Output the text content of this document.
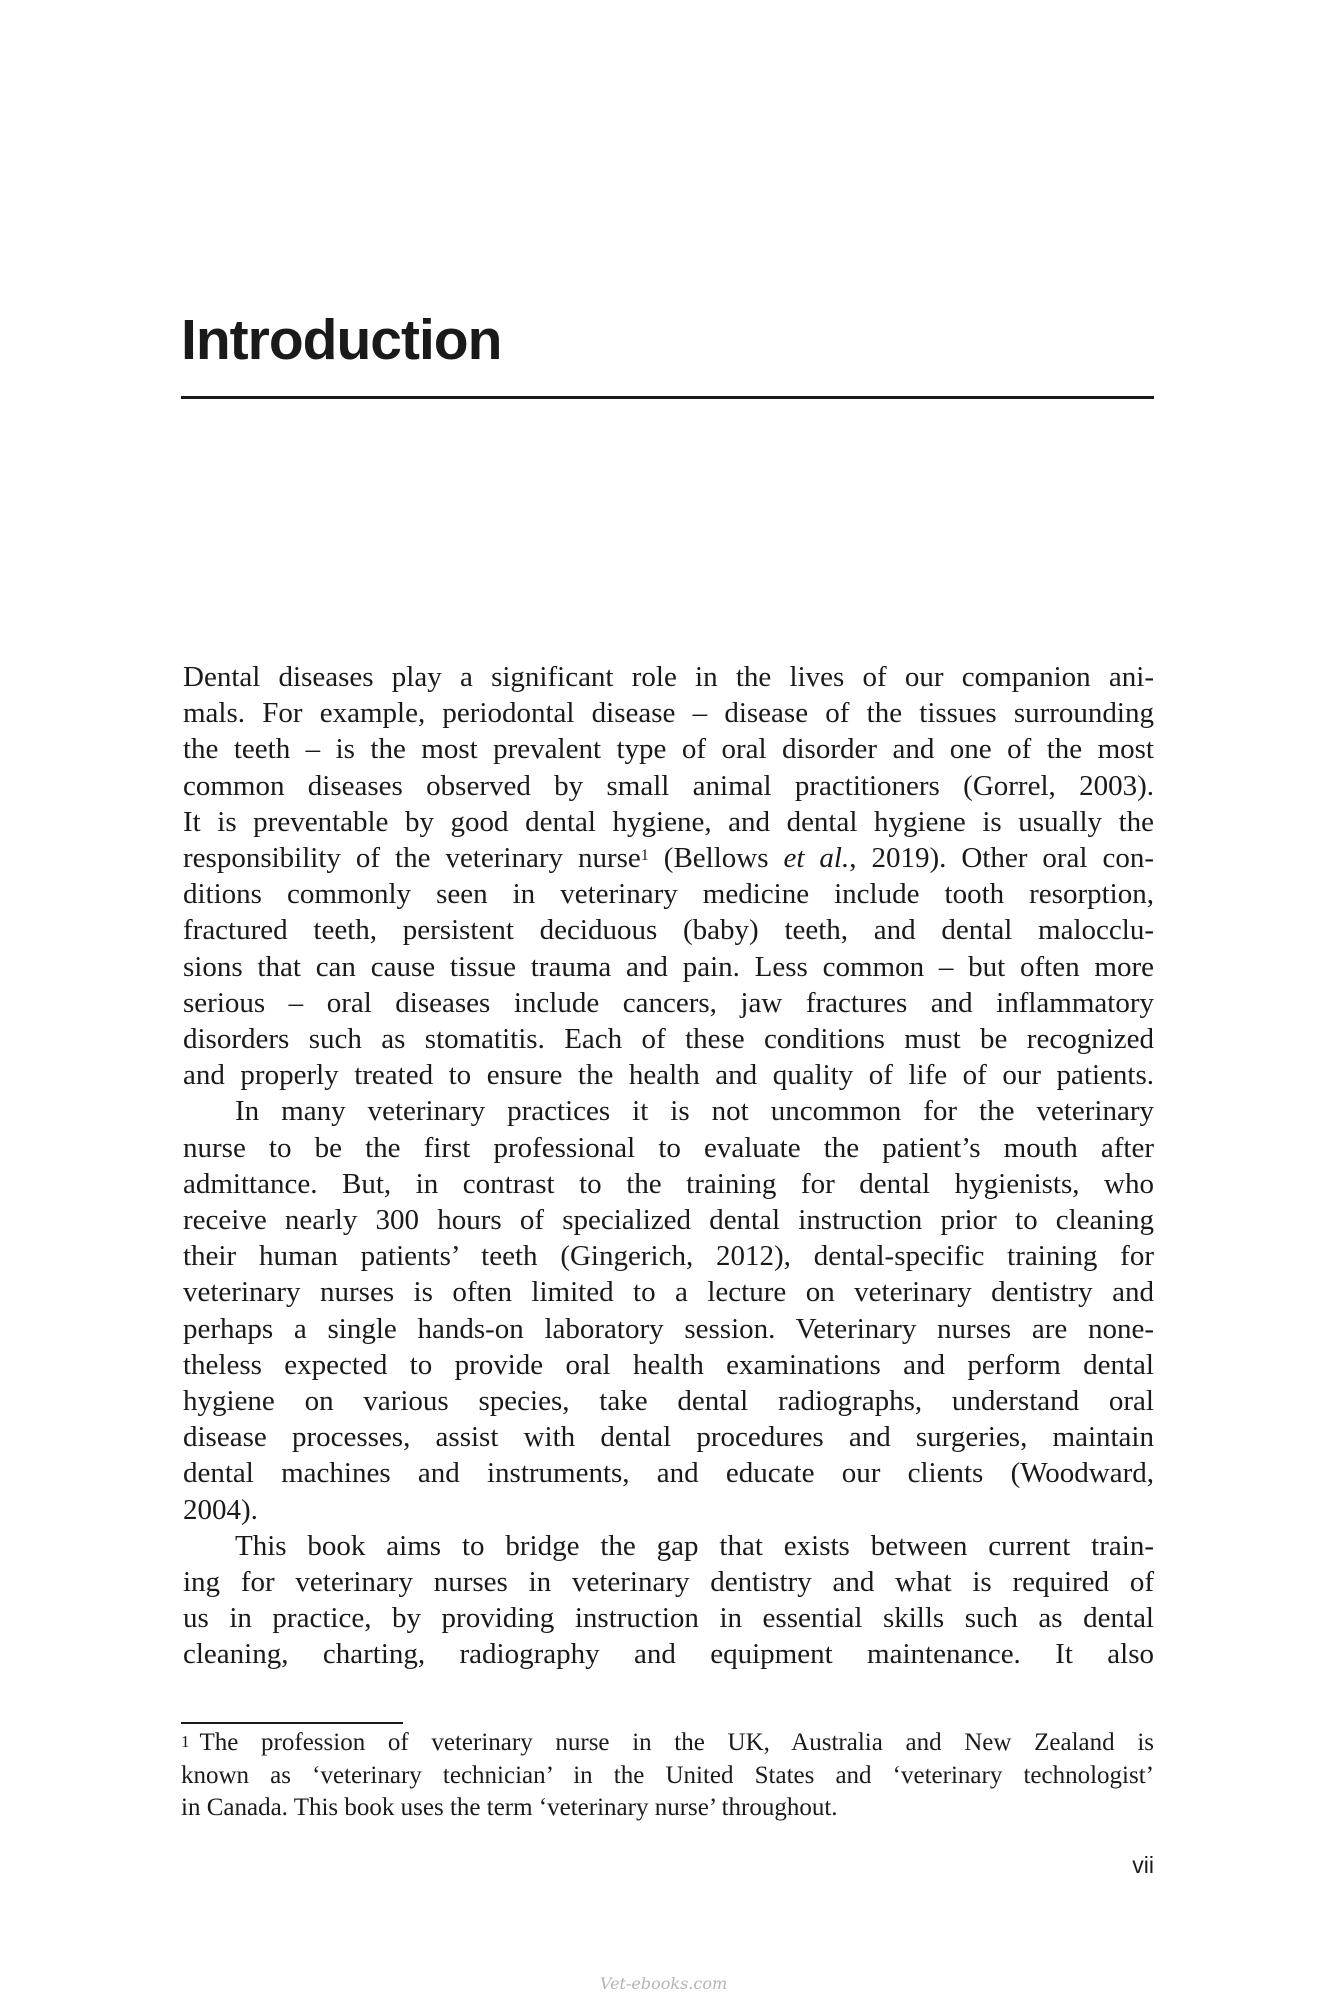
Introduction
Dental diseases play a significant role in the lives of our companion ani-
mals. For example, periodontal disease – disease of the tissues surrounding
the teeth – is the most prevalent type of oral disorder and one of the most
common diseases observed by small animal practitioners (Gorrel, 2003).
It is preventable by good dental hygiene, and dental hygiene is usually the
responsibility of the veterinary nurse$^1$ (Bellows et al., 2019). Other oral con-
ditions commonly seen in veterinary medicine include tooth resorption,
fractured teeth, persistent deciduous (baby) teeth, and dental malocclu-
sions that can cause tissue trauma and pain. Less common – but often more
serious – oral diseases include cancers, jaw fractures and inflammatory
disorders such as stomatitis. Each of these conditions must be recognized
and properly treated to ensure the health and quality of life of our patients.
In many veterinary practices it is not uncommon for the veterinary
nurse to be the first professional to evaluate the patient’s mouth after
admittance. But, in contrast to the training for dental hygienists, who
receive nearly 300 hours of specialized dental instruction prior to cleaning
their human patients’ teeth (Gingerich, 2012), dental-specific training for
veterinary nurses is often limited to a lecture on veterinary dentistry and
perhaps a single hands-on laboratory session. Veterinary nurses are none-
theless expected to provide oral health examinations and perform dental
hygiene on various species, take dental radiographs, understand oral
disease processes, assist with dental procedures and surgeries, maintain
dental machines and instruments, and educate our clients (Woodward,
2004).
This book aims to bridge the gap that exists between current train-
ing for veterinary nurses in veterinary dentistry and what is required of
us in practice, by providing instruction in essential skills such as dental
cleaning, charting, radiography and equipment maintenance. It also
$^1$ The profession of veterinary nurse in the UK, Australia and New Zealand is
known as ‘veterinary technician’ in the United States and ‘veterinary technologist’
in Canada. This book uses the term ‘veterinary nurse’ throughout.
vii
Vet-ebooks.com
